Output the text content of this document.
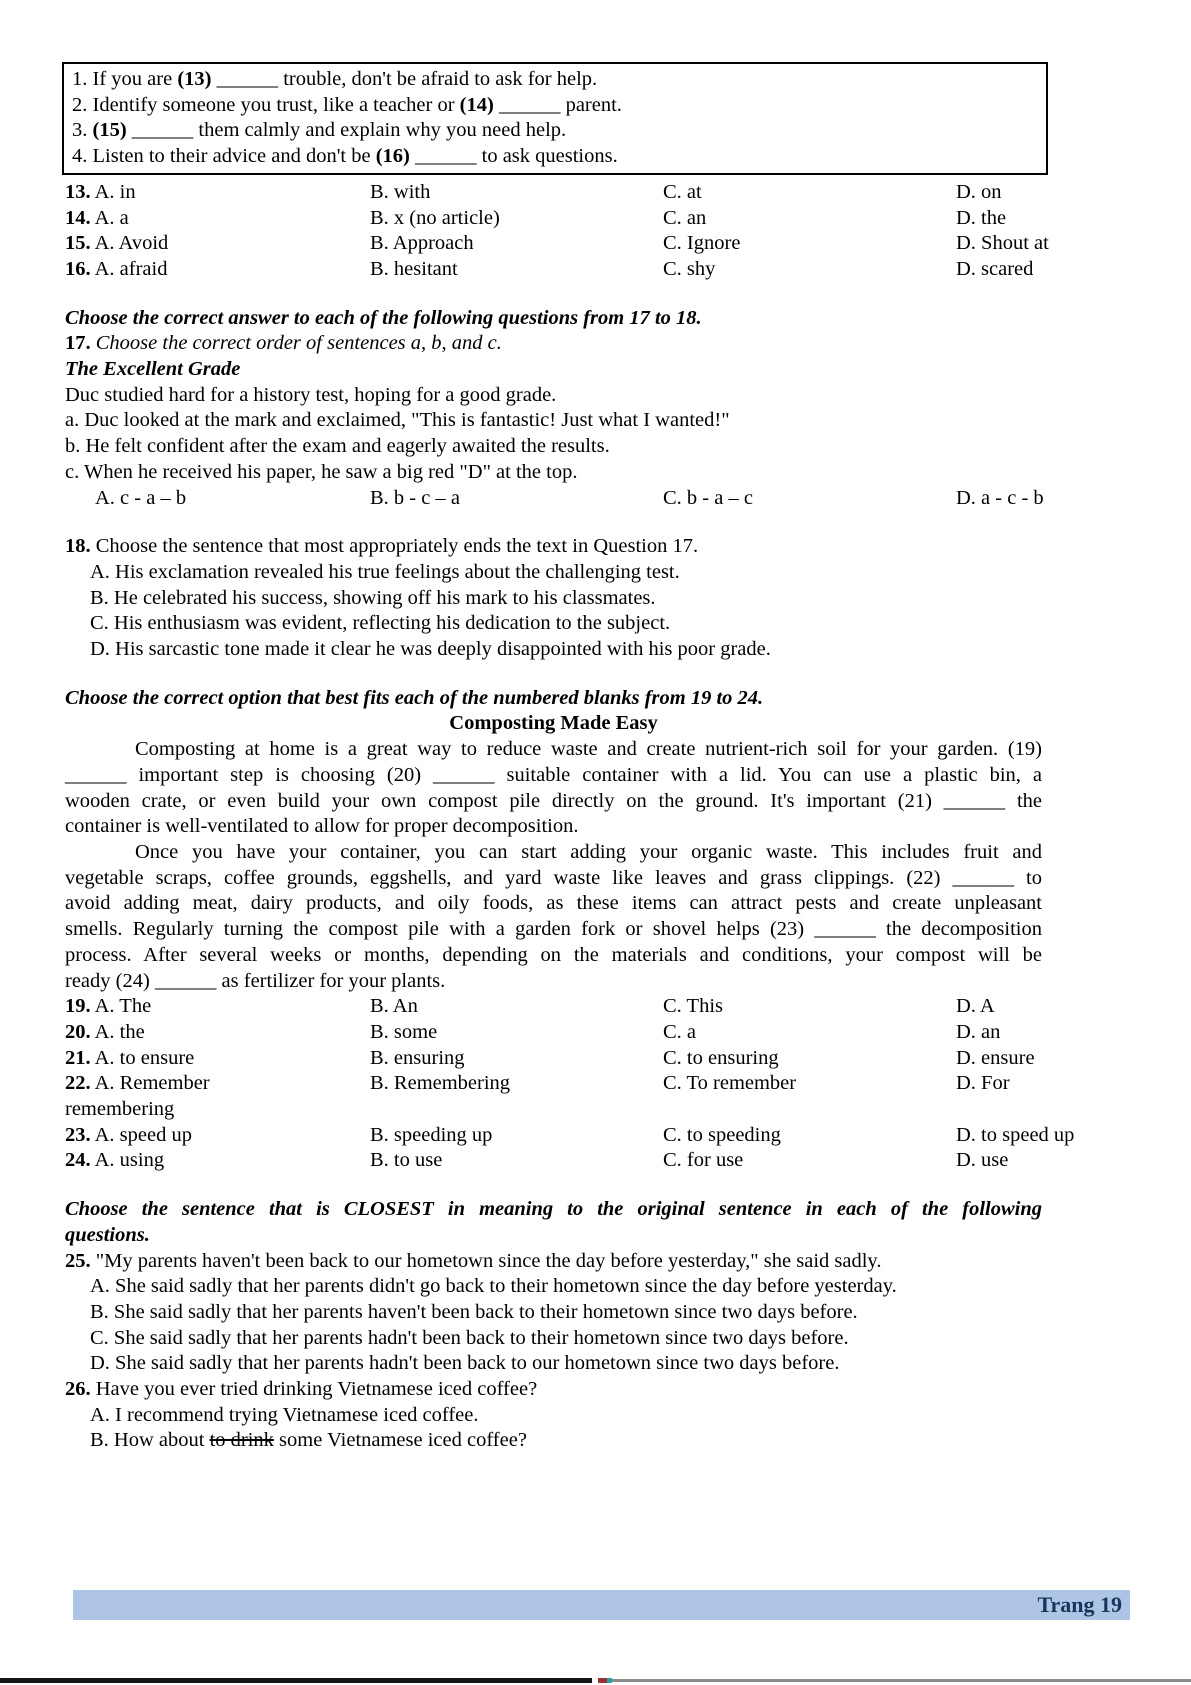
1. If you are (13) ______ trouble, don't be afraid to ask for help.
2. Identify someone you trust, like a teacher or (14) ______ parent.
3. (15) ______ them calmly and explain why you need help.
4. Listen to their advice and don't be (16) ______ to ask questions.
13. A. in	B. with	C. at	D. on
14. A. a	B. x (no article)	C. an	D. the
15. A. Avoid	B. Approach	C. Ignore	D. Shout at
16. A. afraid	B. hesitant	C. shy	D. scared
Choose the correct answer to each of the following questions from 17 to 18.
17. Choose the correct order of sentences a, b, and c.
The Excellent Grade
Duc studied hard for a history test, hoping for a good grade.
a. Duc looked at the mark and exclaimed, "This is fantastic! Just what I wanted!"
b. He felt confident after the exam and eagerly awaited the results.
c. When he received his paper, he saw a big red "D" at the top.
A. c - a – b	B. b - c – a	C. b - a – c	D. a - c - b
18. Choose the sentence that most appropriately ends the text in Question 17.
A. His exclamation revealed his true feelings about the challenging test.
B. He celebrated his success, showing off his mark to his classmates.
C. His enthusiasm was evident, reflecting his dedication to the subject.
D. His sarcastic tone made it clear he was deeply disappointed with his poor grade.
Choose the correct option that best fits each of the numbered blanks from 19 to 24.
Composting Made Easy
Composting at home is a great way to reduce waste and create nutrient-rich soil for your garden. (19)
______ important step is choosing (20) ______ suitable container with a lid. You can use a plastic bin, a
wooden crate, or even build your own compost pile directly on the ground. It's important (21) ______ the
container is well-ventilated to allow for proper decomposition.
Once you have your container, you can start adding your organic waste. This includes fruit and
vegetable scraps, coffee grounds, eggshells, and yard waste like leaves and grass clippings. (22) ______ to
avoid adding meat, dairy products, and oily foods, as these items can attract pests and create unpleasant
smells. Regularly turning the compost pile with a garden fork or shovel helps (23) ______ the decomposition
process. After several weeks or months, depending on the materials and conditions, your compost will be
ready (24) ______ as fertilizer for your plants.
19. A. The	B. An	C. This	D. A
20. A. the	B. some	C. a	D. an
21. A. to ensure	B. ensuring	C. to ensuring	D. ensure
22. A. Remember	B. Remembering	C. To remember	D. For
remembering
23. A. speed up	B. speeding up	C. to speeding	D. to speed up
24. A. using	B. to use	C. for use	D. use
Choose the sentence that is CLOSEST in meaning to the original sentence in each of the following
questions.
25. "My parents haven't been back to our hometown since the day before yesterday," she said sadly.
A. She said sadly that her parents didn't go back to their hometown since the day before yesterday.
B. She said sadly that her parents haven't been back to their hometown since two days before.
C. She said sadly that her parents hadn't been back to their hometown since two days before.
D. She said sadly that her parents hadn't been back to our hometown since two days before.
26. Have you ever tried drinking Vietnamese iced coffee?
A. I recommend trying Vietnamese iced coffee.
B. How about to drink some Vietnamese iced coffee?
Trang 19
